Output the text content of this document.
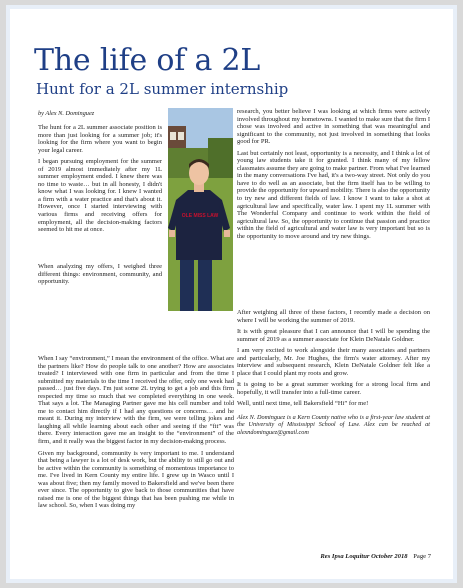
The life of a 2L
Hunt for a 2L summer internship
by Alex N. Dominguez

The hunt for a 2L summer associate position is more than just looking for a summer job; it's looking for the firm where you want to begin your legal career.

I began pursuing employment for the summer of 2019 almost immediately after my 1L summer employment ended. I knew there was no time to waste… but in all honesty, I didn't know what I was looking for. I knew I wanted a firm with a water practice and that's about it. However, once I started interviewing with various firms and receiving offers for employment, all the decision-making factors seemed to hit me at once.

When analyzing my offers, I weighed three different things: environment, community, and opportunity.

OLE MISS LAW

When I say “environment,” I mean the environment of the office. What are the partners like? How do people talk to one another? How are associates treated? I interviewed with one firm in particular and from the time I submitted my materials to the time I received the offer, only one week had passed… just five days. I'm just some 2L trying to get a job and this firm respected my time so much that we completed everything in one week. That says a lot. The Managing Partner gave me his cell number and told me to contact him directly if I had any questions or concerns… and he meant it. During my interview with the firm, we were telling jokes and laughing all while learning about each other and seeing if the “fit” was there. Every interaction gave me an insight to the “environment” of the firm, and it really was the biggest factor in my decision-making process.

Given my background, community is very important to me. I understand that being a lawyer is a lot of desk work, but the ability to still go out and be active within the community is something of momentous importance to me. I've lived in Kern County my entire life. I grew up in Wasco until I was about five; then my family moved to Bakersfield and we've been there ever since. The opportunity to give back to those communities that have raised me is one of the biggest things that has been pushing me while in law school. So, when I was doing my

research, you better believe I was looking at which firms were actively involved throughout my hometowns. I wanted to make sure that the firm I chose was involved and active in something that was meaningful and significant to the community, not just involved in something that looks good for PR.

Last but certainly not least, opportunity is a necessity, and I think a lot of young law students take it for granted. I think many of my fellow classmates assume they are going to make partner. From what I've learned in the many conversations I've had, it's a two-way street. Not only do you have to do well as an associate, but the firm itself has to be willing to provide the opportunity for upward mobility. There is also the opportunity to try new and different fields of law. I know I want to take a shot at agricultural law and specifically, water law. I spent my 1L summer with The Wonderful Company and continue to work within the field of agricultural law. So, the opportunity to continue that passion and practice within the field of agricultural and water law is very important but so is the opportunity to move around and try new things.

After weighing all three of these factors, I recently made a decision on where I will be working the summer of 2019.

It is with great pleasure that I can announce that I will be spending the summer of 2019 as a summer associate for Klein DeNatale Goldner.

I am very excited to work alongside their many associates and partners and particularly, Mr. Joe Hughes, the firm's water attorney. After my interview and subsequent research, Klein DeNatale Goldner felt like a place that I could plant my roots and grow.

It is going to be a great summer working for a strong local firm and hopefully, it will transfer into a full-time career.

Well, until next time, tell Bakersfield “Hi” for me!

Alex N. Dominguez is a Kern County native who is a first-year law student at the University of Mississippi School of Law. Alex can be reached at alexndominguez@gmail.com

Res Ipsa Loquitur October 2018 Page 7
